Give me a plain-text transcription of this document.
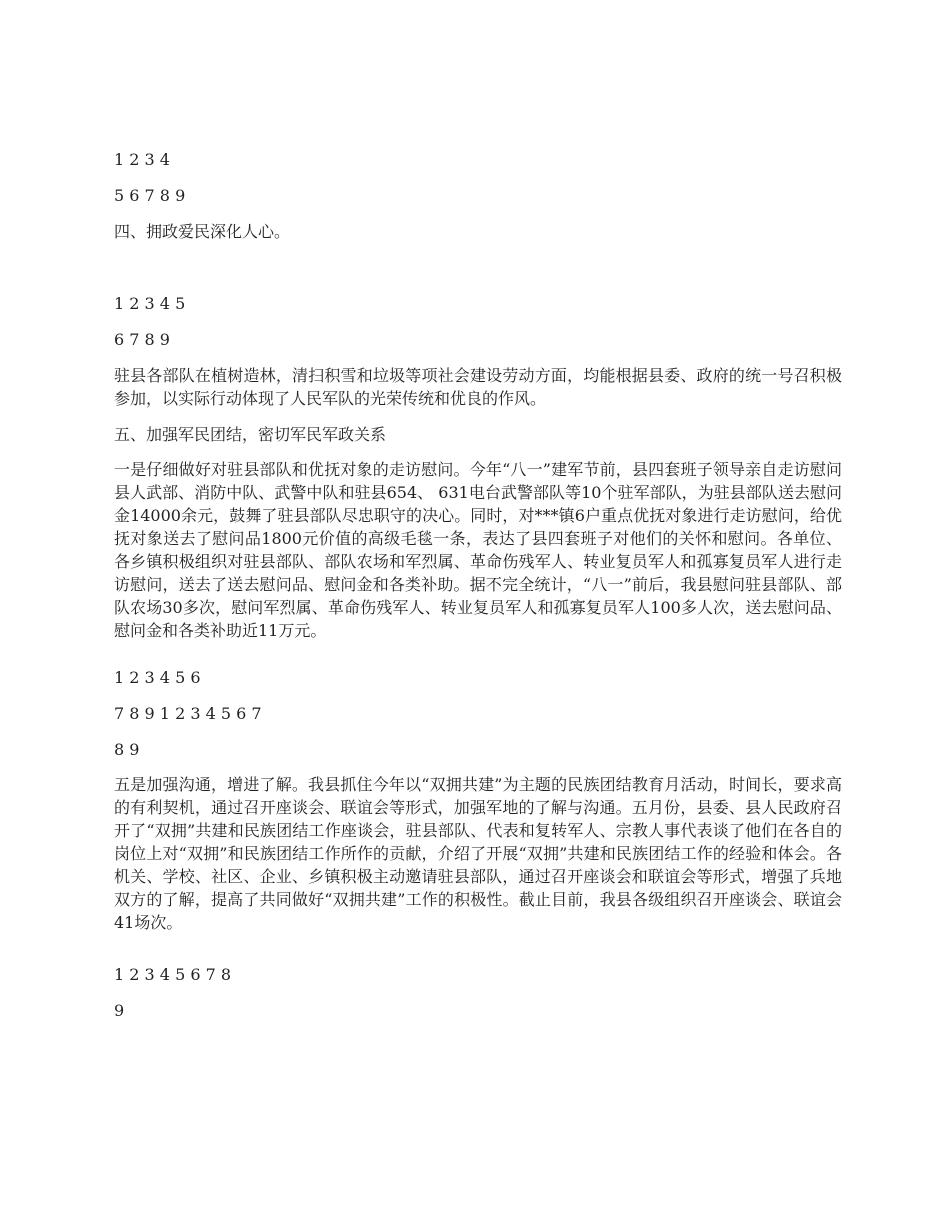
1 2 3 4

5 6 7 8 9

四、拥政爱民深化人心。

1 2 3 4 5

6 7 8 9

驻县各部队在植树造林，清扫积雪和垃圾等项社会建设劳动方面，均能根据县委、政府的统一号召积极参加，以实际行动体现了人民军队的光荣传统和优良的作风。

五、加强军民团结，密切军民军政关系

一是仔细做好对驻县部队和优抚对象的走访慰问。今年“八一”建军节前，县四套班子领导亲自走访慰问县人武部、消防中队、武警中队和驻县654、 631电台武警部队等10个驻军部队，为驻县部队送去慰问金14000余元，鼓舞了驻县部队尽忠职守的决心。同时，对***镇6户重点优抚对象进行走访慰问，给优抚对象送去了慰问品1800元价值的高级毛毯一条，表达了县四套班子对他们的关怀和慰问。各单位、各乡镇积极组织对驻县部队、部队农场和军烈属、革命伤残军人、转业复员军人和孤寡复员军人进行走访慰问，送去了送去慰问品、慰问金和各类补助。据不完全统计，“八一”前后，我县慰问驻县部队、部队农场30多次，慰问军烈属、革命伤残军人、转业复员军人和孤寡复员军人100多人次，送去慰问品、慰问金和各类补助近11万元。

1 2 3 4 5 6

7 8 9 1 2 3 4 5 6 7

8 9

五是加强沟通，增进了解。我县抓住今年以“双拥共建”为主题的民族团结教育月活动，时间长，要求高的有利契机，通过召开座谈会、联谊会等形式，加强军地的了解与沟通。五月份，县委、县人民政府召开了“双拥”共建和民族团结工作座谈会，驻县部队、代表和复转军人、宗教人事代表谈了他们在各自的岗位上对“双拥”和民族团结工作所作的贡献，介绍了开展“双拥”共建和民族团结工作的经验和体会。各机关、学校、社区、企业、乡镇积极主动邀请驻县部队，通过召开座谈会和联谊会等形式，增强了兵地双方的了解，提高了共同做好“双拥共建”工作的积极性。截止目前，我县各级组织召开座谈会、联谊会41场次。

1 2 3 4 5 6 7 8

9
